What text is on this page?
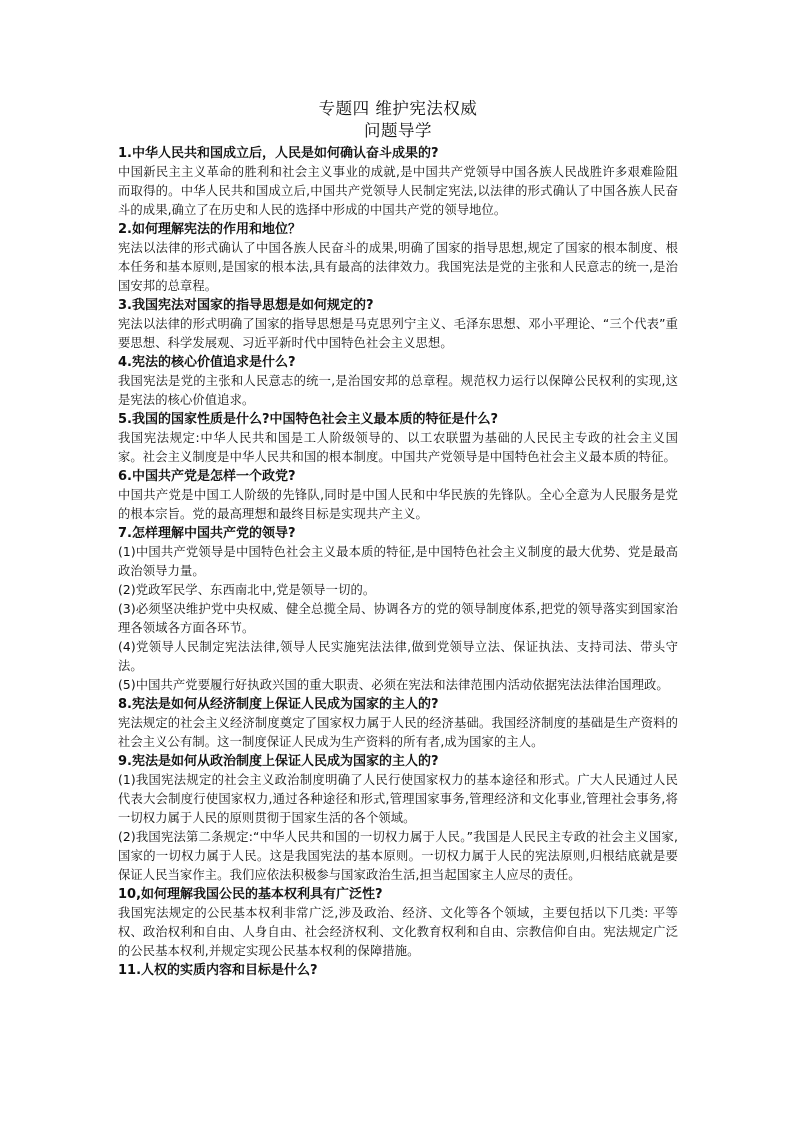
专题四 维护宪法权威
问题导学
1.中华人民共和国成立后，人民是如何确认奋斗成果的?
中国新民主主义革命的胜利和社会主义事业的成就,是中国共产党领导中国各族人民战胜许多艰难险阻而取得的。中华人民共和国成立后,中国共产党领导人民制定宪法,以法律的形式确认了中国各族人民奋斗的成果,确立了在历史和人民的选择中形成的中国共产党的领导地位。
2.如何理解宪法的作用和地位？
宪法以法律的形式确认了中国各族人民奋斗的成果,明确了国家的指导思想,规定了国家的根本制度、根本任务和基本原则,是国家的根本法,具有最高的法律效力。我国宪法是党的主张和人民意志的统一,是治国安邦的总章程。
3.我国宪法对国家的指导思想是如何规定的?
宪法以法律的形式明确了国家的指导思想是马克思列宁主义、毛泽东思想、邓小平理论、“三个代表”重要思想、科学发展观、习近平新时代中国特色社会主义思想。
4.宪法的核心价值追求是什么?
我国宪法是党的主张和人民意志的统一,是治国安邦的总章程。规范权力运行以保障公民权利的实现,这是宪法的核心价值追求。
5.我国的国家性质是什么?中国特色社会主义最本质的特征是什么?
我国宪法规定:中华人民共和国是工人阶级领导的、以工农联盟为基础的人民民主专政的社会主义国家。社会主义制度是中华人民共和国的根本制度。中国共产党领导是中国特色社会主义最本质的特征。
6.中国共产党是怎样一个政党?
中国共产党是中国工人阶级的先锋队,同时是中国人民和中华民族的先锋队。全心全意为人民服务是党的根本宗旨。党的最高理想和最终目标是实现共产主义。
7.怎样理解中国共产党的领导?
(1)中国共产党领导是中国特色社会主义最本质的特征,是中国特色社会主义制度的最大优势、党是最高政治领导力量。
(2)党政军民学、东西南北中,党是领导一切的。
(3)必须坚决维护党中央权威、健全总揽全局、协调各方的党的领导制度体系,把党的领导落实到国家治理各领域各方面各环节。
(4)党领导人民制定宪法法律,领导人民实施宪法法律,做到党领导立法、保证执法、支持司法、带头守法。
(5)中国共产党要履行好执政兴国的重大职责、必须在宪法和法律范围内活动依据宪法法律治国理政。
8.宪法是如何从经济制度上保证人民成为国家的主人的?
宪法规定的社会主义经济制度奠定了国家权力属于人民的经济基础。我国经济制度的基础是生产资料的社会主义公有制。这一制度保证人民成为生产资料的所有者,成为国家的主人。
9.宪法是如何从政治制度上保证人民成为国家的主人的?
(1)我国宪法规定的社会主义政治制度明确了人民行使国家权力的基本途径和形式。广大人民通过人民代表大会制度行使国家权力,通过各种途径和形式,管理国家事务,管理经济和文化事业,管理社会事务,将一切权力属于人民的原则贯彻于国家生活的各个领域。
(2)我国宪法第二条规定:“中华人民共和国的一切权力属于人民。”我国是人民民主专政的社会主义国家,国家的一切权力属于人民。这是我国宪法的基本原则。一切权力属于人民的宪法原则,归根结底就是要保证人民当家作主。我们应依法积极参与国家政治生活,担当起国家主人应尽的责任。
10,如何理解我国公民的基本权利具有广泛性?
我国宪法规定的公民基本权利非常广泛,涉及政治、经济、文化等各个领域，主要包括以下几类: 平等权、政治权利和自由、人身自由、社会经济权利、文化教育权利和自由、宗教信仰自由。宪法规定广泛的公民基本权利,并规定实现公民基本权利的保障措施。
11.人权的实质内容和目标是什么?
